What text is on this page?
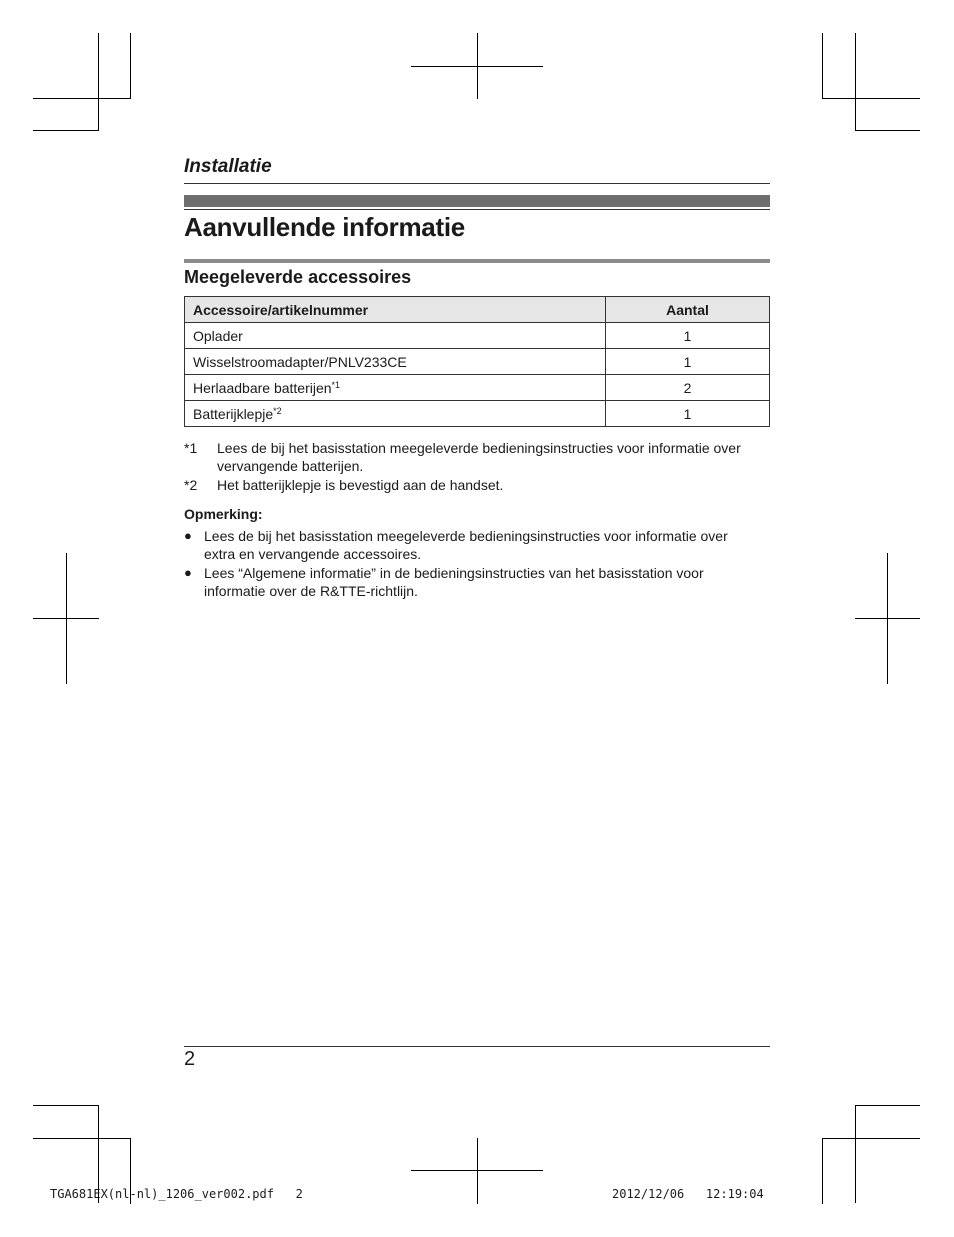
Installatie
Aanvullende informatie
Meegeleverde accessoires
Accessoire/artikelnummer	Aantal
Oplader	1
Wisselstroomadapter/PNLV233CE	1
Herlaadbare batterijen$^{*1}$	2
Batterijklepje$^{*2}$	1
*1	Lees de bij het basisstation meegeleverde bedieningsinstructies voor informatie over vervangende batterijen.
*2	Het batterijklepje is bevestigd aan de handset.
Opmerking:
● Lees de bij het basisstation meegeleverde bedieningsinstructies voor informatie over extra en vervangende accessoires.
● Lees “Algemene informatie” in de bedieningsinstructies van het basisstation voor informatie over de R&TTE-richtlijn.
2
TGA681EX(nl-nl)_1206_ver002.pdf   2	2012/12/06   12:19:04
